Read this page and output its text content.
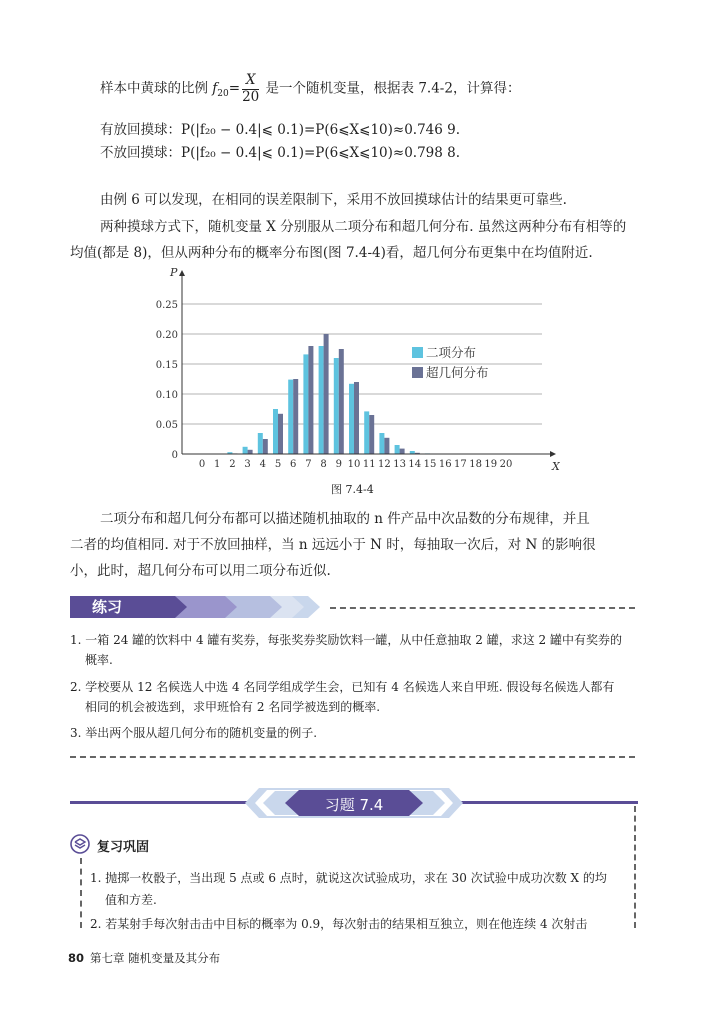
样本中黄球的比例 $f_{20}= \frac{X}{20}$ 是一个随机变量，根据表 7.4-2，计算得：
有放回摸球：P(|f₂₀ − 0.4|⩽ 0.1)=P(6⩽X⩽10)≈0.746 9.
不放回摸球：P(|f₂₀ − 0.4|⩽ 0.1)=P(6⩽X⩽10)≈0.798 8.
由例 6 可以发现，在相同的误差限制下，采用不放回摸球估计的结果更可靠些.
两种摸球方式下，随机变量 X 分别服从二项分布和超几何分布. 虽然这两种分布有相等的
均值(都是 8)，但从两种分布的概率分布图(图 7.4-4)看，超几何分布更集中在均值附近.
0
0.05
0.10
0.15
0.20
0.25
0 1 2 3 4 5 6 7 8 9 10 11 12 13 14 15 16 17 18 19 20
P
X
二项分布
超几何分布
图 7.4-4
二项分布和超几何分布都可以描述随机抽取的 n 件产品中次品数的分布规律，并且
二者的均值相同. 对于不放回抽样，当 n 远远小于 N 时，每抽取一次后，对 N 的影响很
小，此时，超几何分布可以用二项分布近似.
练习
1. 一箱 24 罐的饮料中 4 罐有奖券，每张奖券奖励饮料一罐，从中任意抽取 2 罐，求这 2 罐中有奖券的
概率.
2. 学校要从 12 名候选人中选 4 名同学组成学生会，已知有 4 名候选人来自甲班. 假设每名候选人都有
相同的机会被选到，求甲班恰有 2 名同学被选到的概率.
3. 举出两个服从超几何分布的随机变量的例子.
习题 7.4
复习巩固
1. 抛掷一枚骰子，当出现 5 点或 6 点时，就说这次试验成功，求在 30 次试验中成功次数 X 的均
值和方差.
2. 若某射手每次射击击中目标的概率为 0.9，每次射击的结果相互独立，则在他连续 4 次射击
80 第七章 随机变量及其分布
